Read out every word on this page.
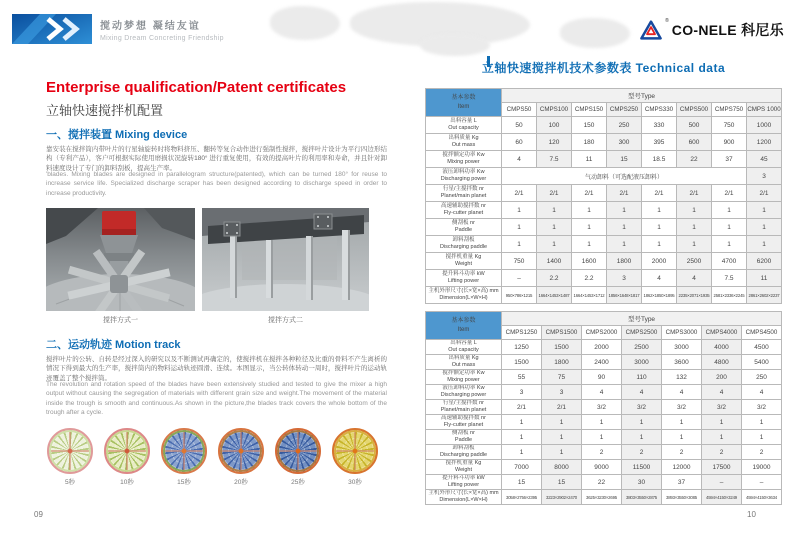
搅动梦想 凝结友谊
Mixing Dream Concreting Friendship
®
CO-NELE 科尼乐
Enterprise qualification/Patent certificates
立轴快速搅拌机配置
一、搅拌装置 Mixing device
靠安装在搅拌筒内带叶片的行星轴旋转时将物料挤压、翻转等复合动作进行强制性搅拌，搅拌叶片设计为平行四边形结构（专利产品），客户可根据实际使用磨损状况旋转180° 进行重复使用，有效的提高叶片的利用率和寿命，并且针对卸料速度设计了专门的卸料刮板，提高生产率。
'blades. Mixing blades are designed in parallelogram structure(patented), which can be turned 180° for reuse to increase service life. Specialized discharge scraper has been designed according to discharge speed in order to increase productivity.
搅拌方式一	搅拌方式二
二、运动轨迹 Motion track
搅拌叶片的公转、自转是经过深入的研究以及不断测试再确定的，使搅拌机在搅拌各种粒径及比重的骨料不产生离析的情况下得到最大的生产率，搅拌筒内的物料运动轨迹圆滑、连续。本图显示，当公转体转动一周时，搅拌叶片的运动轨迹覆盖了整个搅拌筒。
The revolution and rotation speed of the blades have been extensively studied and tested to give the mixer a high output without causing the segregation of materials with different grain size and weight.The movement of the material inside the trough is smooth and continuous.As shown in the picture,the blades track covers the whole bottom of the trough after a cycle.
5秒	10秒	15秒	20秒	25秒	30秒
09
立轴快速搅拌机技术参数表 Technical data
基本参数
Item	型号Type							
	CMPS50	CMPS100	CMPS150	CMPS250	CMPS330	CMPS500	CMPS750	CMPS 1000
出料容量 L
Out capacity	50	100	150	250	330	500	750	1000
出料质量 Kg
Out mass	60	120	180	300	395	600	900	1200
搅拌额定功率 Kw
Mixing power	4	7.5	11	15	18.5	22	37	45
液压卸料功率 Kw
Discharging power	气动卸料（可选配液压卸料）							3
行星/主搅拌数 nr
Planet/main planet	2/1	2/1	2/1	2/1	2/1	2/1	2/1	2/1
高速辅助搅拌数 nr
Fly-cutter planet	1	1	1	1	1	1	1	1
侧刮板 nr
Paddle	1	1	1	1	1	1	1	1
卸料刮板
Discharging paddle	1	1	1	1	1	1	1	1
搅拌机重量 Kg
Weight	750	1400	1600	1800	2000	2500	4700	6200
提升料斗功率 kW
Lifting power	–	2.2	2.2	3	4	4	7.5	11
主机外形尺寸(长×宽×高) mm
Dimension(L×W×H)	950×786×1215	1664×1453×1487	1664×1453×1712	1856×1648×1817	1862×1850×1895	2235×2071×1935	2581×2336×2245	2861×2602×2237
基本参数
Item	型号Type						
	CMPS1250	CMPS1500	CMPS2000	CMPS2500	CMPS3000	CMPS4000	CMPS4500
出料容量 L
Out capacity	1250	1500	2000	2500	3000	4000	4500
出料质量 Kg
Out mass	1500	1800	2400	3000	3600	4800	5400
搅拌额定功率 Kw
Mixing power	55	75	90	110	132	200	250
液压卸料功率 Kw
Discharging power	3	3	4	4	4	4	4
行星/主搅拌数 nr
Planet/main planet	2/1	2/1	3/2	3/2	3/2	3/2	3/2
高速辅助搅拌数 nr
Fly-cutter planet	1	1	1	1	1	1	1
侧刮板 nr
Paddle	1	1	1	1	1	1	1
卸料刮板
Discharging paddle	1	1	2	2	2	2	2
搅拌机重量 Kg
Weight	7000	8000	9000	11500	12000	17500	19000
提升料斗功率 kW
Lifting power	15	15	22	30	37	–	–
主机外形尺寸(长×宽×高) mm
Dimension(L×W×H)	3058×2756×2395	3223×2902×2470	3625×3230×2695	3803×3550×2875	3893×3550×3085	4594×4150×3249	4594×4150×3634
10
